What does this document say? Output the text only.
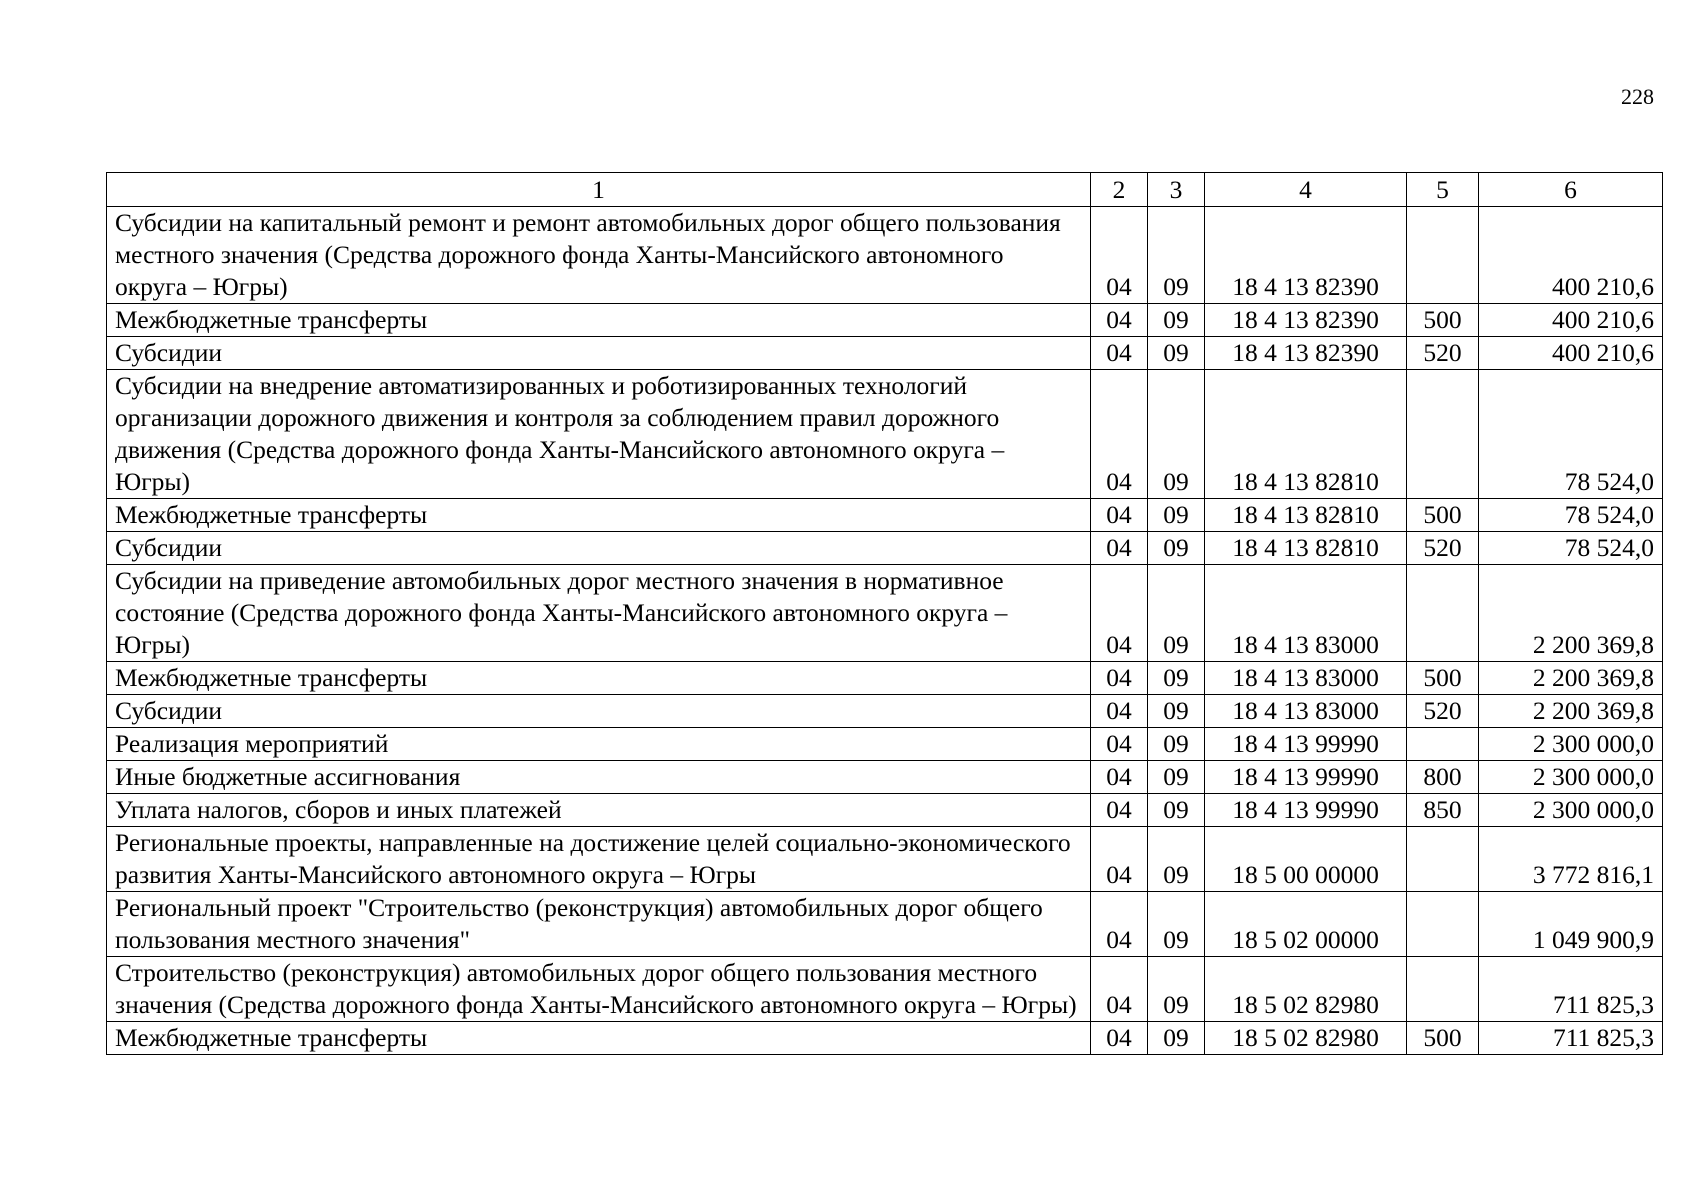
228
1	2	3	4	5	6
Субсидии на капитальный ремонт и ремонт автомобильных дорог общего пользования местного значения (Средства дорожного фонда Ханты-Мансийского автономного округа – Югры)	04	09	18 4 13 82390		400 210,6
Межбюджетные трансферты	04	09	18 4 13 82390	500	400 210,6
Субсидии	04	09	18 4 13 82390	520	400 210,6
Субсидии на внедрение автоматизированных и роботизированных технологий организации дорожного движения и контроля за соблюдением правил дорожного движения (Средства дорожного фонда Ханты-Мансийского автономного округа – Югры)	04	09	18 4 13 82810		78 524,0
Межбюджетные трансферты	04	09	18 4 13 82810	500	78 524,0
Субсидии	04	09	18 4 13 82810	520	78 524,0
Субсидии на приведение автомобильных дорог местного значения в нормативное состояние (Средства дорожного фонда Ханты-Мансийского автономного округа – Югры)	04	09	18 4 13 83000		2 200 369,8
Межбюджетные трансферты	04	09	18 4 13 83000	500	2 200 369,8
Субсидии	04	09	18 4 13 83000	520	2 200 369,8
Реализация мероприятий	04	09	18 4 13 99990		2 300 000,0
Иные бюджетные ассигнования	04	09	18 4 13 99990	800	2 300 000,0
Уплата налогов, сборов и иных платежей	04	09	18 4 13 99990	850	2 300 000,0
Региональные проекты, направленные на достижение целей социально-экономического развития Ханты-Мансийского автономного округа – Югры	04	09	18 5 00 00000		3 772 816,1
Региональный проект "Строительство (реконструкция) автомобильных дорог общего пользования местного значения"	04	09	18 5 02 00000		1 049 900,9
Строительство (реконструкция) автомобильных дорог общего пользования местного значения (Средства дорожного фонда Ханты-Мансийского автономного округа – Югры)	04	09	18 5 02 82980		711 825,3
Межбюджетные трансферты	04	09	18 5 02 82980	500	711 825,3
